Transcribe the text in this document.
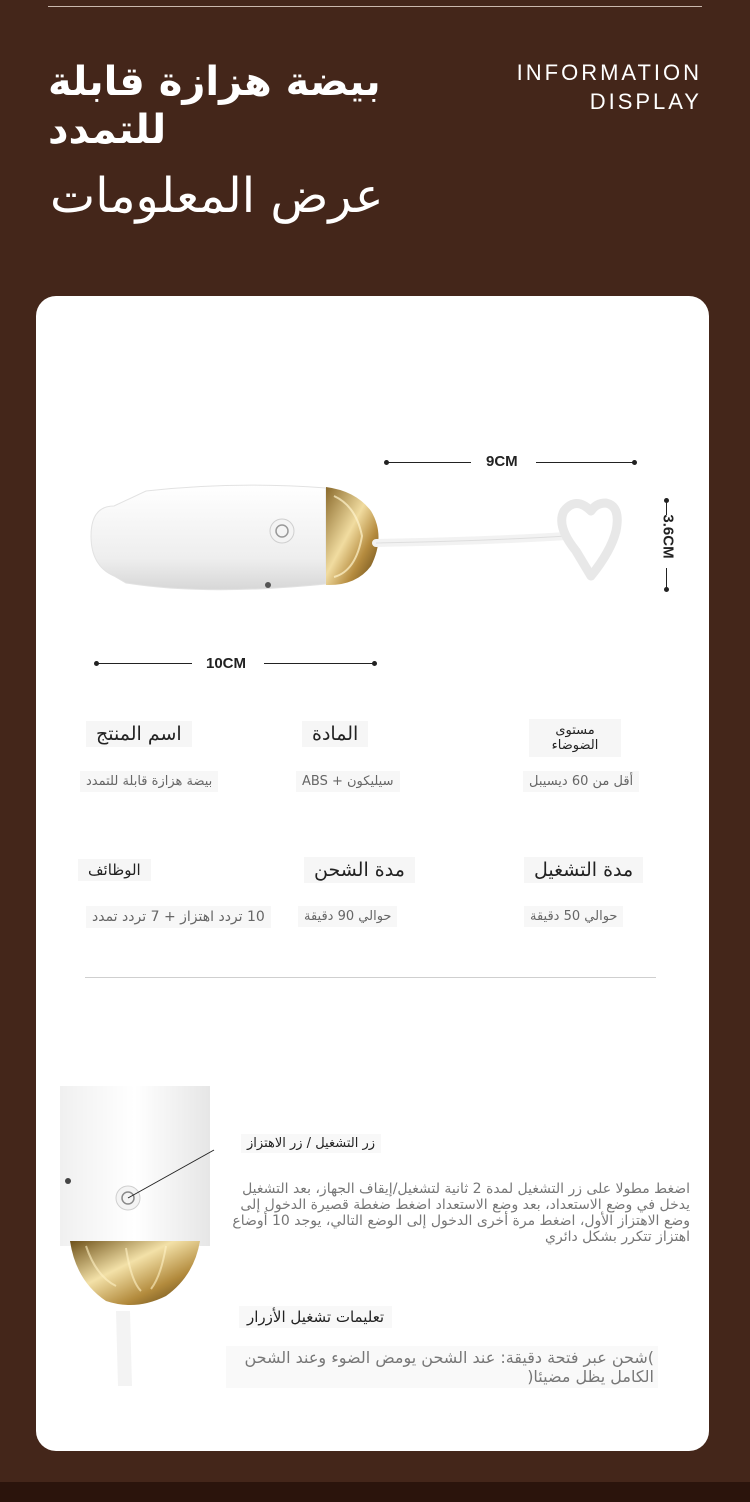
بيضة هزازة قابلة للتمدد
INFORMATION
DISPLAY
عرض المعلومات
9CM
3.6CM
10CM
اسم المنتج
بيضة هزازة قابلة للتمدد
المادة
سيليكون + ABS
مستوى الضوضاء
أقل من 60 ديسيبل
الوظائف
10 تردد اهتزاز + 7 تردد تمدد
مدة الشحن
حوالي 90 دقيقة
مدة التشغيل
حوالي 50 دقيقة
زر التشغيل / زر الاهتزاز
اضغط مطولا على زر التشغيل لمدة 2 ثانية لتشغيل/إيقاف الجهاز، بعد التشغيل يدخل في وضع الاستعداد، بعد وضع الاستعداد اضغط ضغطة قصيرة الدخول إلى وضع الاهتزاز الأول، اضغط مرة أخرى الدخول إلى الوضع التالي، يوجد 10 أوضاع اهتزاز تتكرر بشكل دائري
تعليمات تشغيل الأزرار
)شحن عبر فتحة دقيقة: عند الشحن يومض الضوء وعند الشحن الكامل يظل مضيئا(
